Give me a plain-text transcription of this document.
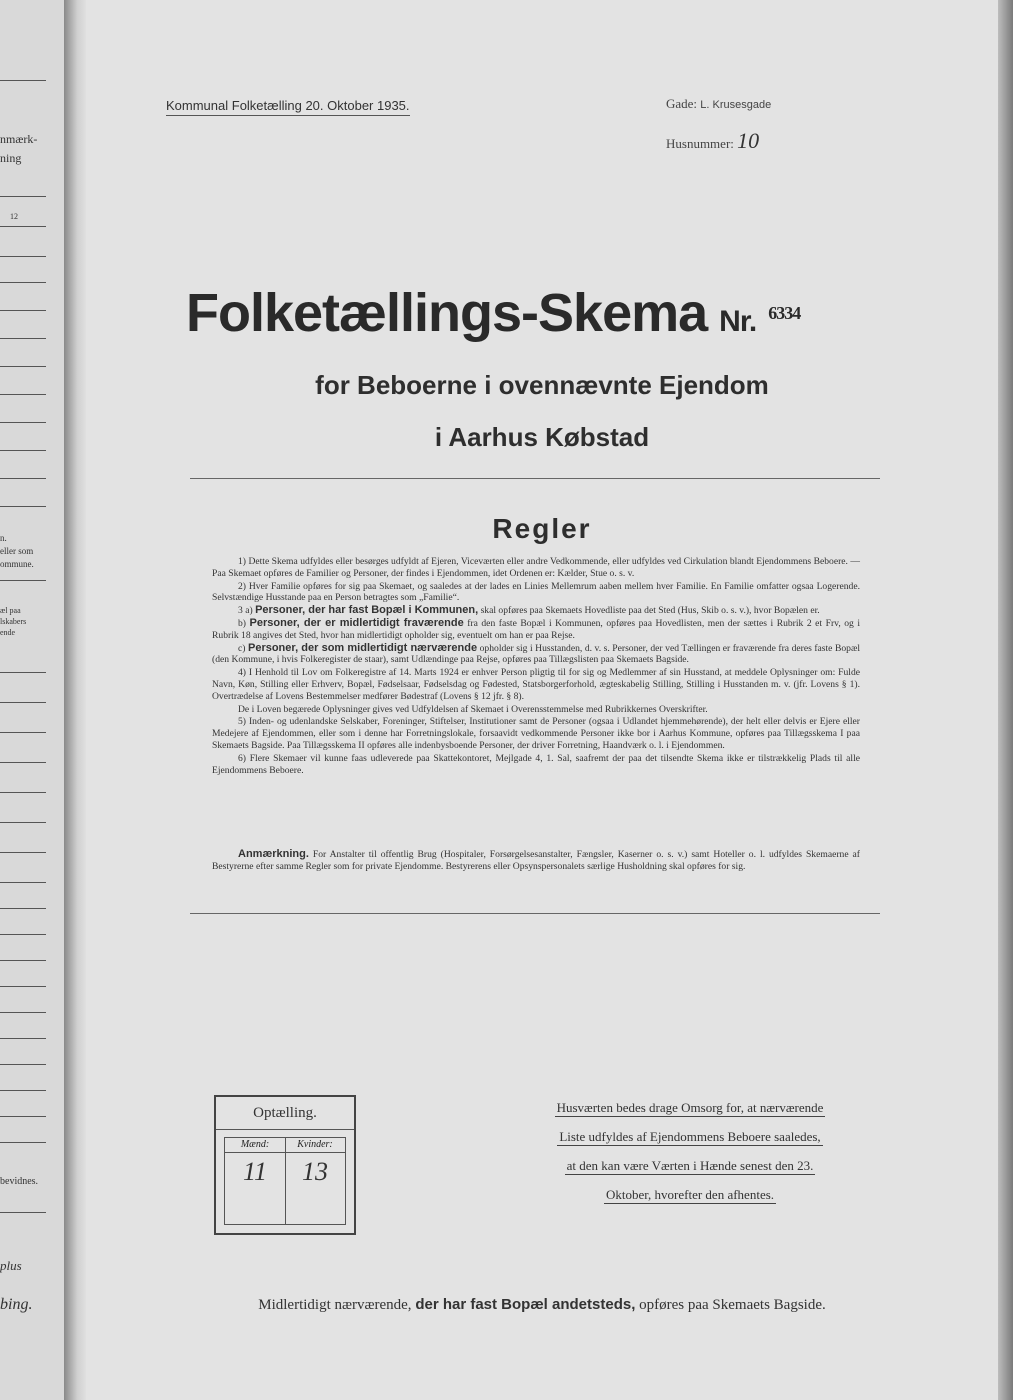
nmærk-
ning
12
n.
eller som
ommune.
æl paa
lskabers
ende
bevidnes.
plus
bing.
Kommunal Folketælling 20. Oktober 1935.	Gade: L. Krusesgade
Husnummer: 10
Folketællings-Skema Nr. $^{6334}$
for Beboerne i ovennævnte Ejendom
i Aarhus Købstad
Regler

1) Dette Skema udfyldes eller besørges udfyldt af Ejeren, Viceværten eller andre Vedkommende, eller udfyldes ved Cirkulation blandt Ejendommens Beboere. — Paa Skemaet opføres de Familier og Personer, der findes i Ejendommen, idet Ordenen er: Kælder, Stue o. s. v.

2) Hver Familie opføres for sig paa Skemaet, og saaledes at der lades en Linies Mellemrum aaben mellem hver Familie. En Familie omfatter ogsaa Logerende. Selvstændige Husstande paa en Person betragtes som „Familie“.

3 a) Personer, der har fast Bopæl i Kommunen, skal opføres paa Skemaets Hovedliste paa det Sted (Hus, Skib o. s. v.), hvor Bopælen er.

b) Personer, der er midlertidigt fraværende fra den faste Bopæl i Kommunen, opføres paa Hovedlisten, men der sættes i Rubrik 2 et Frv, og i Rubrik 18 angives det Sted, hvor han midlertidigt opholder sig, eventuelt om han er paa Rejse.

c) Personer, der som midlertidigt nærværende opholder sig i Husstanden, d. v. s. Personer, der ved Tællingen er fraværende fra deres faste Bopæl (den Kommune, i hvis Folkeregister de staar), samt Udlændinge paa Rejse, opføres paa Tillægslisten paa Skemaets Bagside.

4) I Henhold til Lov om Folkeregistre af 14. Marts 1924 er enhver Person pligtig til for sig og Medlemmer af sin Husstand, at meddele Oplysninger om: Fulde Navn, Køn, Stilling eller Erhverv, Bopæl, Fødselsaar, Fødselsdag og Fødested, Statsborgerforhold, ægteskabelig Stilling, Stilling i Husstanden m. v. (jfr. Lovens § 1). Overtrædelse af Lovens Bestemmelser medfører Bødestraf (Lovens § 12 jfr. § 8).

De i Loven begærede Oplysninger gives ved Udfyldelsen af Skemaet i Overensstemmelse med Rubrikkernes Overskrifter.

5) Inden- og udenlandske Selskaber, Foreninger, Stiftelser, Institutioner samt de Personer (ogsaa i Udlandet hjemmehørende), der helt eller delvis er Ejere eller Medejere af Ejendommen, eller som i denne har Forretningslokale, forsaavidt vedkommende Personer ikke bor i Aarhus Kommune, opføres paa Tillægsskema I paa Skemaets Bagside. Paa Tillægsskema II opføres alle indenbysboende Personer, der driver Forretning, Haandværk o. l. i Ejendommen.

6) Flere Skemaer vil kunne faas udleverede paa Skattekontoret, Mejlgade 4, 1. Sal, saafremt der paa det tilsendte Skema ikke er tilstrækkelig Plads til alle Ejendommens Beboere.

Anmærkning. For Anstalter til offentlig Brug (Hospitaler, Forsørgelsesanstalter, Fængsler, Kaserner o. s. v.) samt Hoteller o. l. udfyldes Skemaerne af Bestyrerne efter samme Regler som for private Ejendomme. Bestyrerens eller Opsynspersonalets særlige Husholdning skal opføres for sig.
Optælling.
Mænd:
11
Kvinder:
13
Husværten bedes drage Omsorg for, at nærværende
Liste udfyldes af Ejendommens Beboere saaledes,
at den kan være Værten i Hænde senest den 23.
Oktober, hvorefter den afhentes.
Midlertidigt nærværende, der har fast Bopæl andetsteds, opføres paa Skemaets Bagside.
